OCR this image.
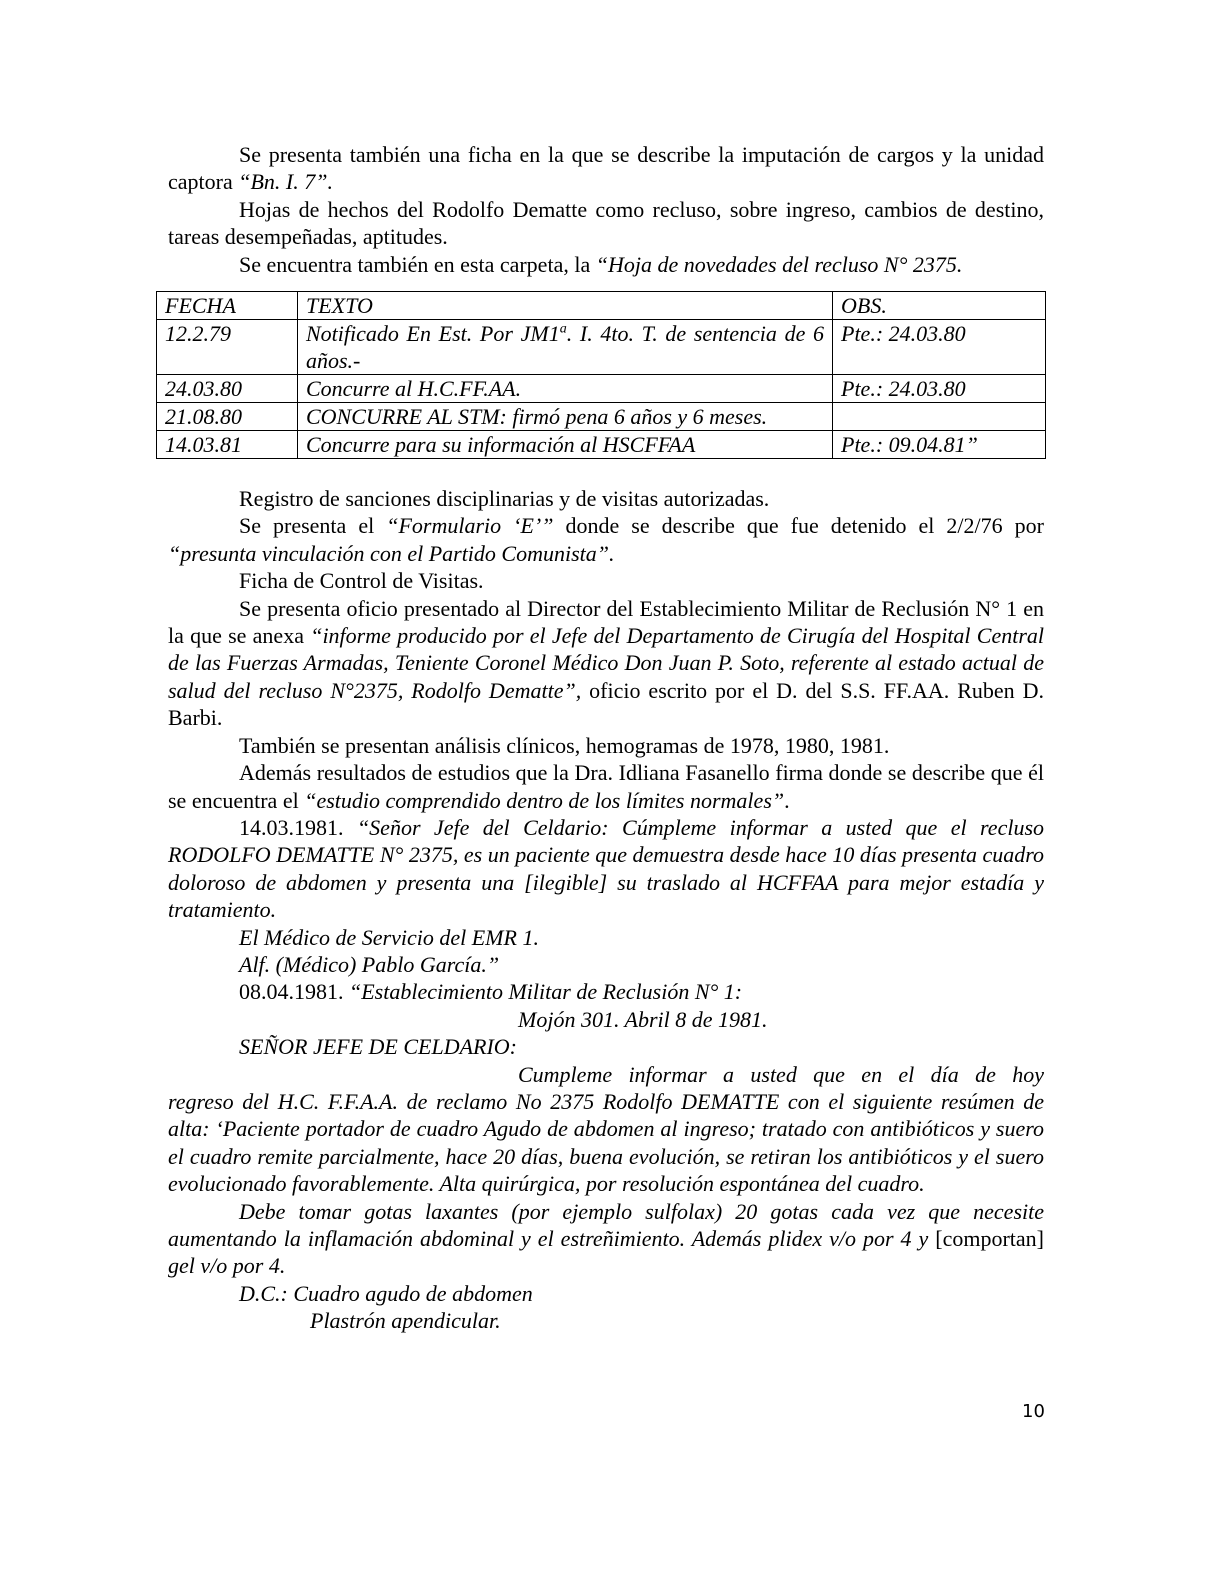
Se presenta también una ficha en la que se describe la imputación de cargos y la unidad captora “Bn. I. 7”.

Hojas de hechos del Rodolfo Dematte como recluso, sobre ingreso, cambios de destino, tareas desempeñadas, aptitudes.

Se encuentra también en esta carpeta, la “Hoja de novedades del recluso N° 2375.

FECHA	TEXTO	OBS.
12.2.79	Notificado En Est. Por JM1$^a$. I. 4to. T. de sentencia de 6 años.-	Pte.: 24.03.80
24.03.80	Concurre al H.C.FF.AA.	Pte.: 24.03.80
21.08.80	CONCURRE AL STM: firmó pena 6 años y 6 meses.	
14.03.81	Concurre para su información al HSCFFAA	Pte.: 09.04.81”

Registro de sanciones disciplinarias y de visitas autorizadas.

Se presenta el “Formulario ‘E’” donde se describe que fue detenido el 2/2/76 por “presunta vinculación con el Partido Comunista”.

Ficha de Control de Visitas.

Se presenta oficio presentado al Director del Establecimiento Militar de Reclusión N° 1 en la que se anexa “informe producido por el Jefe del Departamento de Cirugía del Hospital Central de las Fuerzas Armadas, Teniente Coronel Médico Don Juan P. Soto, referente al estado actual de salud del recluso N°2375, Rodolfo Dematte”, oficio escrito por el D. del S.S. FF.AA. Ruben D. Barbi.

También se presentan análisis clínicos, hemogramas de 1978, 1980, 1981.

Además resultados de estudios que la Dra. Idliana Fasanello firma donde se describe que él se encuentra el “estudio comprendido dentro de los límites normales”.

14.03.1981. “Señor Jefe del Celdario: Cúmpleme informar a usted que el recluso RODOLFO DEMATTE N° 2375, es un paciente que demuestra desde hace 10 días presenta cuadro doloroso de abdomen y presenta una [ilegible] su traslado al HCFFAA para mejor estadía y tratamiento.

El Médico de Servicio del EMR 1.

Alf. (Médico) Pablo García.”

08.04.1981. “Establecimiento Militar de Reclusión N° 1:

Mojón 301. Abril 8 de 1981.

SEÑOR JEFE DE CELDARIO:

Cumpleme informar a usted que en el día de hoy

regreso del H.C. F.F.A.A. de reclamo No 2375 Rodolfo DEMATTE con el siguiente resúmen de alta: ‘Paciente portador de cuadro Agudo de abdomen al ingreso; tratado con antibióticos y suero el cuadro remite parcialmente, hace 20 días, buena evolución, se retiran los antibióticos y el suero evolucionado favorablemente. Alta quirúrgica, por resolución espontánea del cuadro.

Debe tomar gotas laxantes (por ejemplo sulfolax) 20 gotas cada vez que necesite aumentando la inflamación abdominal y el estreñimiento. Además plidex v/o por 4 y [comportan] gel v/o por 4.

D.C.: Cuadro agudo de abdomen

Plastrón apendicular.

10
